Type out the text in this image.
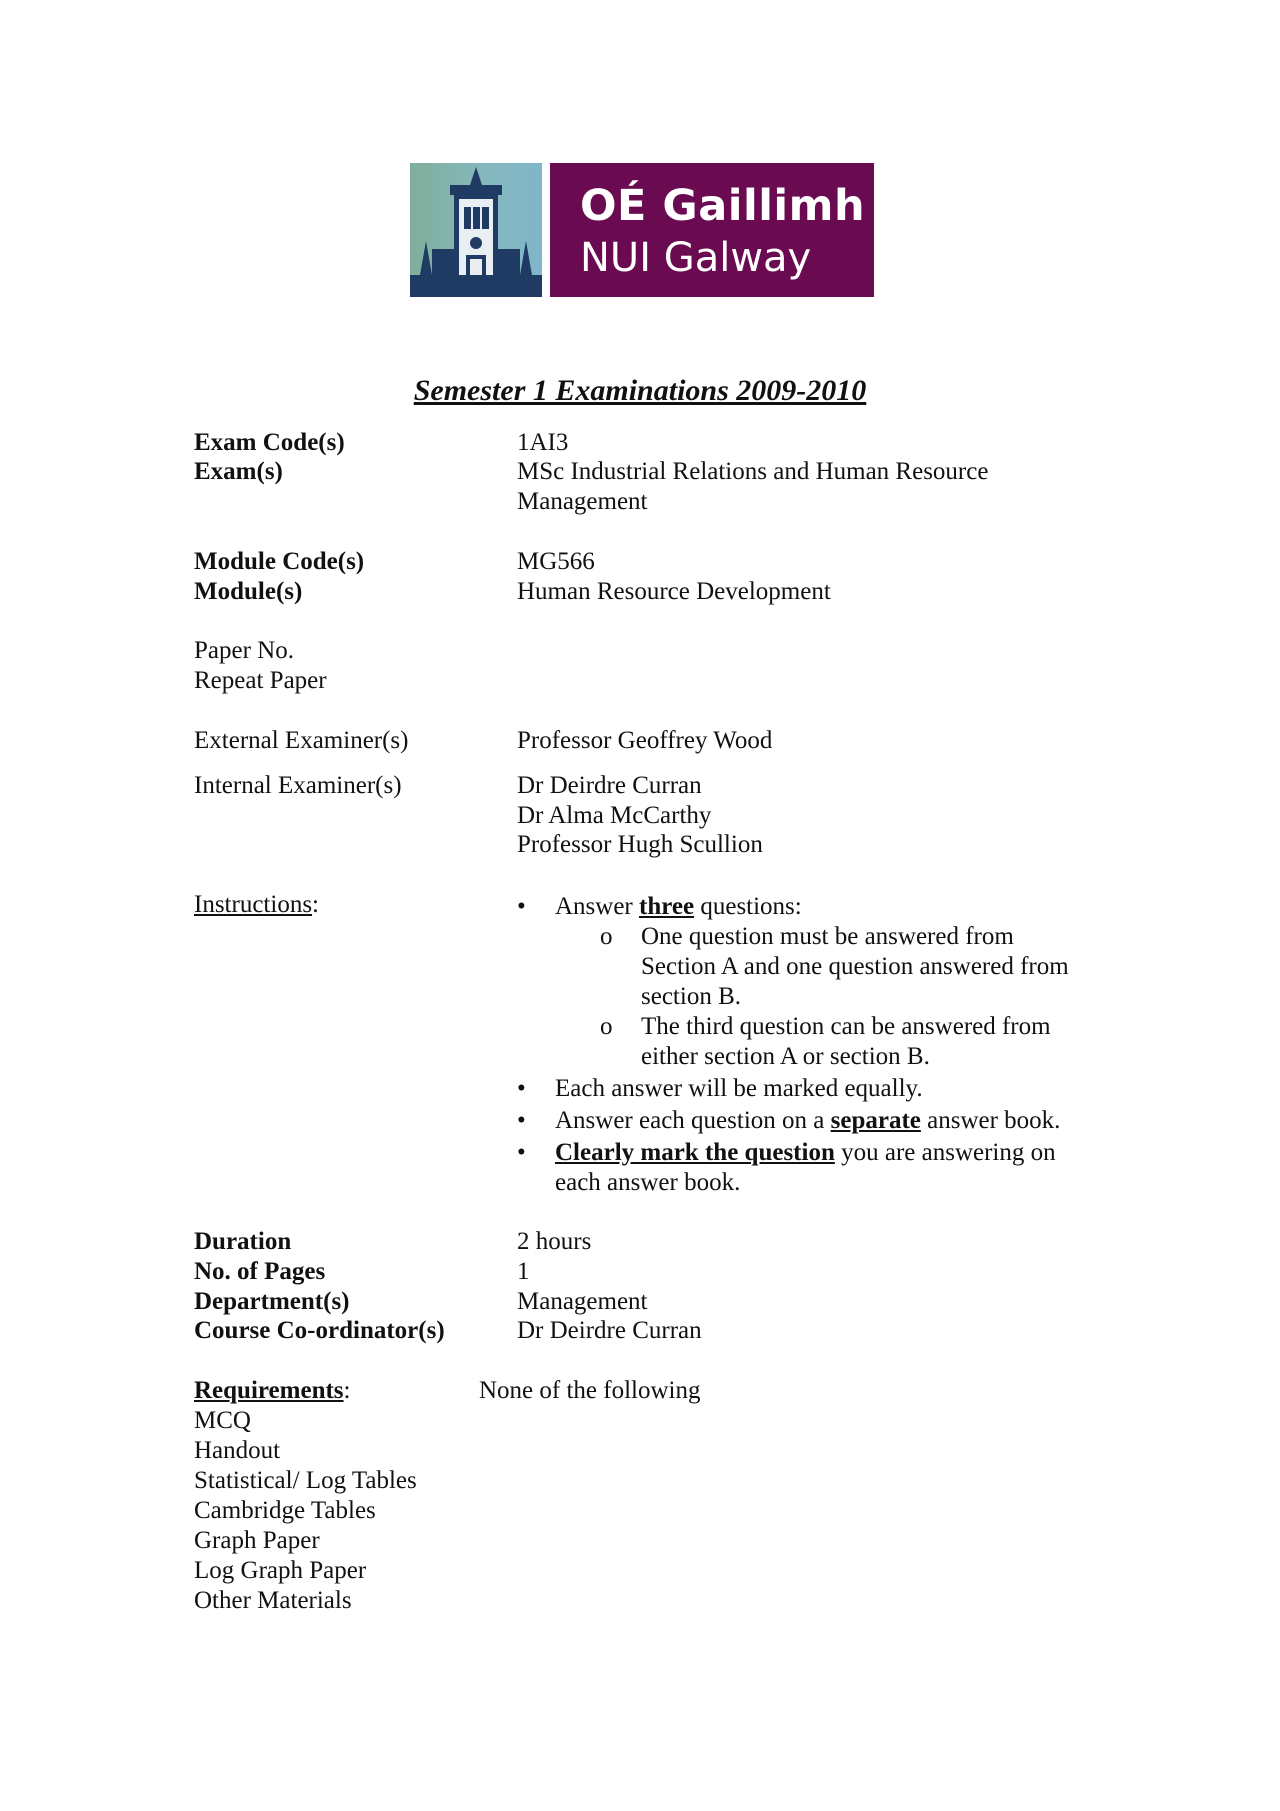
OÉ Gaillimh
NUI Galway
Semester 1 Examinations 2009-2010
Exam Code(s)	1AI3
Exam(s)	MSc Industrial Relations and Human Resource
Management
Module Code(s)	MG566
Module(s)	Human Resource Development
Paper No.
Repeat Paper
External Examiner(s)	Professor Geoffrey Wood
Internal Examiner(s)	Dr Deirdre Curran
Dr Alma McCarthy
Professor Hugh Scullion
Instructions:	• Answer three questions:
o One question must be answered from
Section A and one question answered from
section B.
o The third question can be answered from
either section A or section B.
• Each answer will be marked equally.
• Answer each question on a separate answer book.
• Clearly mark the question you are answering on
each answer book.
Duration	2 hours
No. of Pages	1
Department(s)	Management
Course Co-ordinator(s)	Dr Deirdre Curran
Requirements:	None of the following
MCQ
Handout
Statistical/ Log Tables
Cambridge Tables
Graph Paper
Log Graph Paper
Other Materials
